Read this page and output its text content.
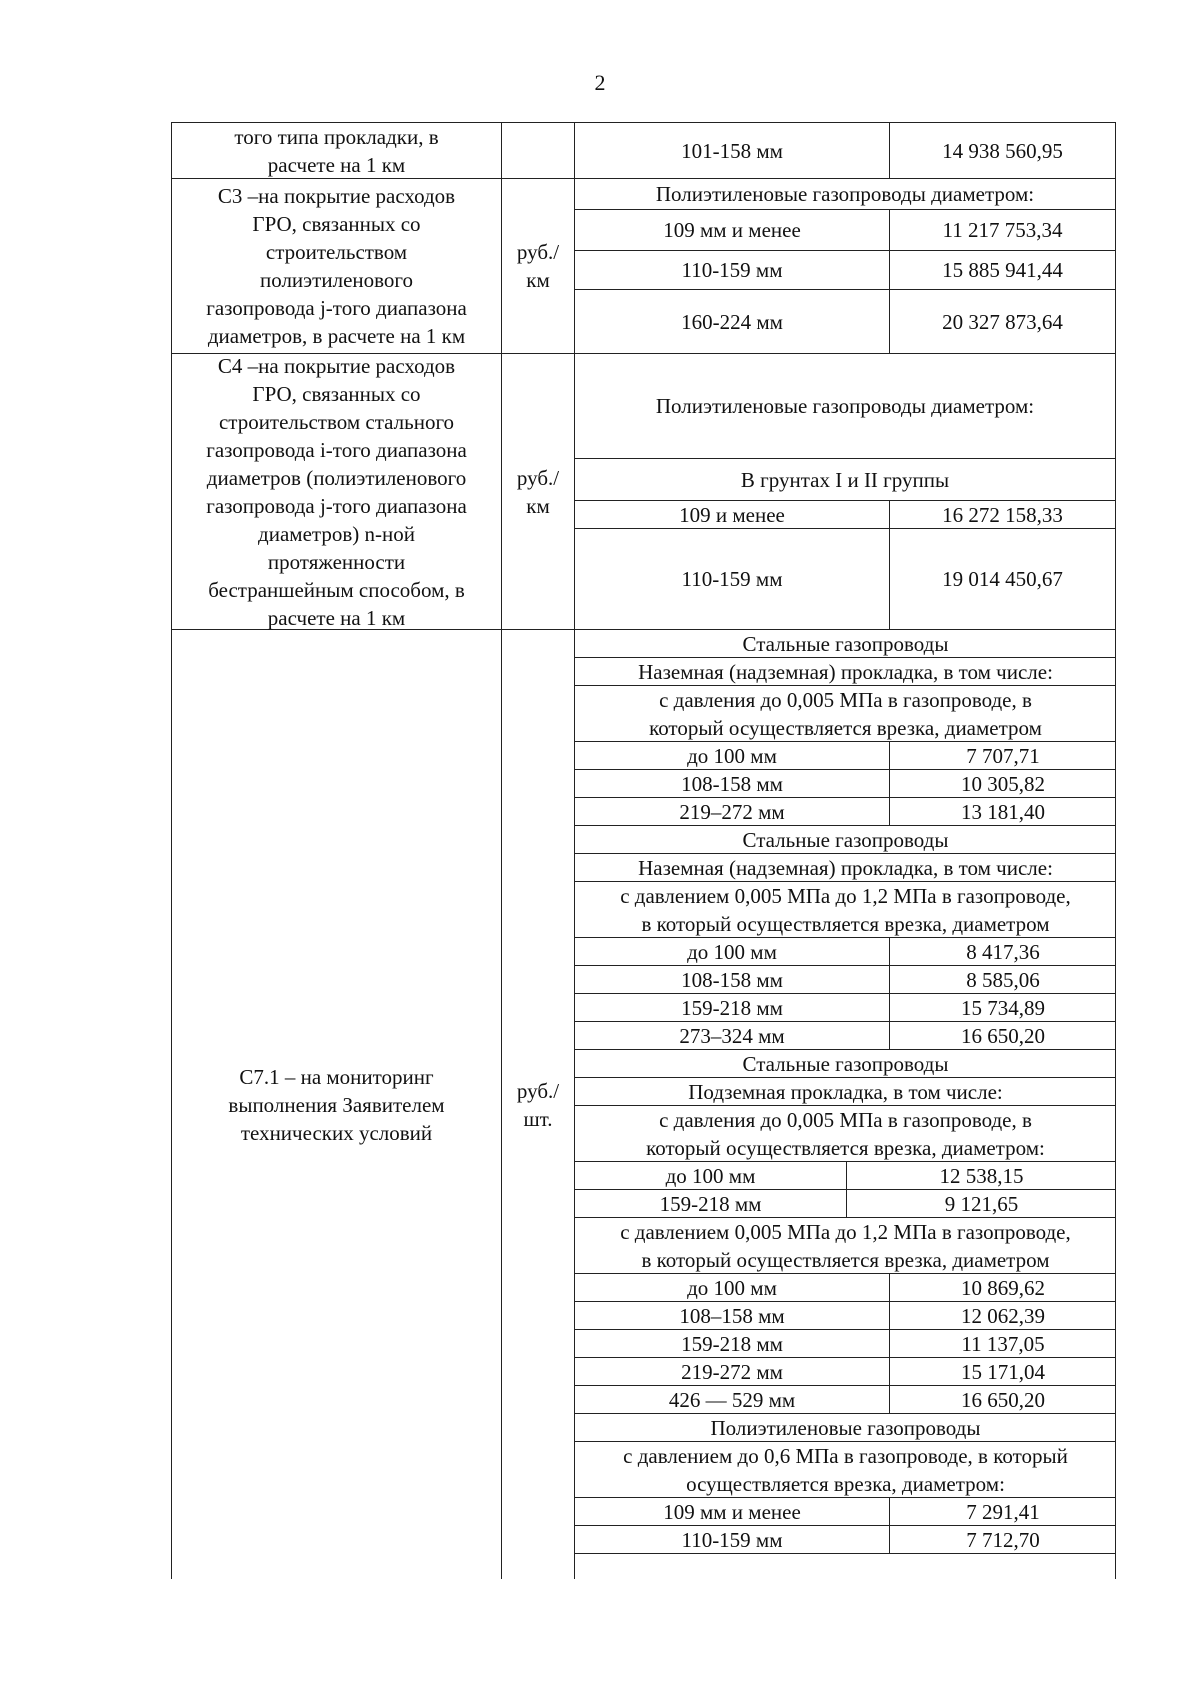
2
того типа прокладки, в
расчете на 1 км
101-158 мм	14 938 560,95
С3 –на покрытие расходов
ГРО, связанных со
строительством
полиэтиленового
газопровода j-того диапазона
диаметров, в расчете на 1 км
руб./
км
Полиэтиленовые газопроводы диаметром:
109 мм и менее	11 217 753,34
110-159 мм	15 885 941,44
160-224 мм	20 327 873,64
С4 –на покрытие расходов
ГРО, связанных со
строительством стального
газопровода i-того диапазона
диаметров (полиэтиленового
газопровода j-того диапазона
диаметров) n-ной
протяженности
бестраншейным способом, в
расчете на 1 км
руб./
км
Полиэтиленовые газопроводы диаметром:
В грунтах I и II группы
109 и менее	16 272 158,33
110-159 мм	19 014 450,67
С7.1 – на мониторинг
выполнения Заявителем
технических условий
руб./
шт.
Стальные газопроводы
Наземная (надземная) прокладка, в том числе:
с давления до 0,005 МПа в газопроводе, в
который осуществляется врезка, диаметром
до 100 мм	7 707,71
108-158 мм	10 305,82
219–272 мм	13 181,40
Стальные газопроводы
Наземная (надземная) прокладка, в том числе:
с давлением 0,005 МПа до 1,2 МПа в газопроводе,
в который осуществляется врезка, диаметром
до 100 мм	8 417,36
108-158 мм	8 585,06
159-218 мм	15 734,89
273–324 мм	16 650,20
Стальные газопроводы
Подземная прокладка, в том числе:
с давления до 0,005 МПа в газопроводе, в
который осуществляется врезка, диаметром:
до 100 мм	12 538,15
159-218 мм	9 121,65
с давлением 0,005 МПа до 1,2 МПа в газопроводе,
в который осуществляется врезка, диаметром
до 100 мм	10 869,62
108–158 мм	12 062,39
159-218 мм	11 137,05
219-272 мм	15 171,04
426 — 529 мм	16 650,20
Полиэтиленовые газопроводы
с давлением до 0,6 МПа в газопроводе, в который
осуществляется врезка, диаметром:
109 мм и менее	7 291,41
110-159 мм	7 712,70
